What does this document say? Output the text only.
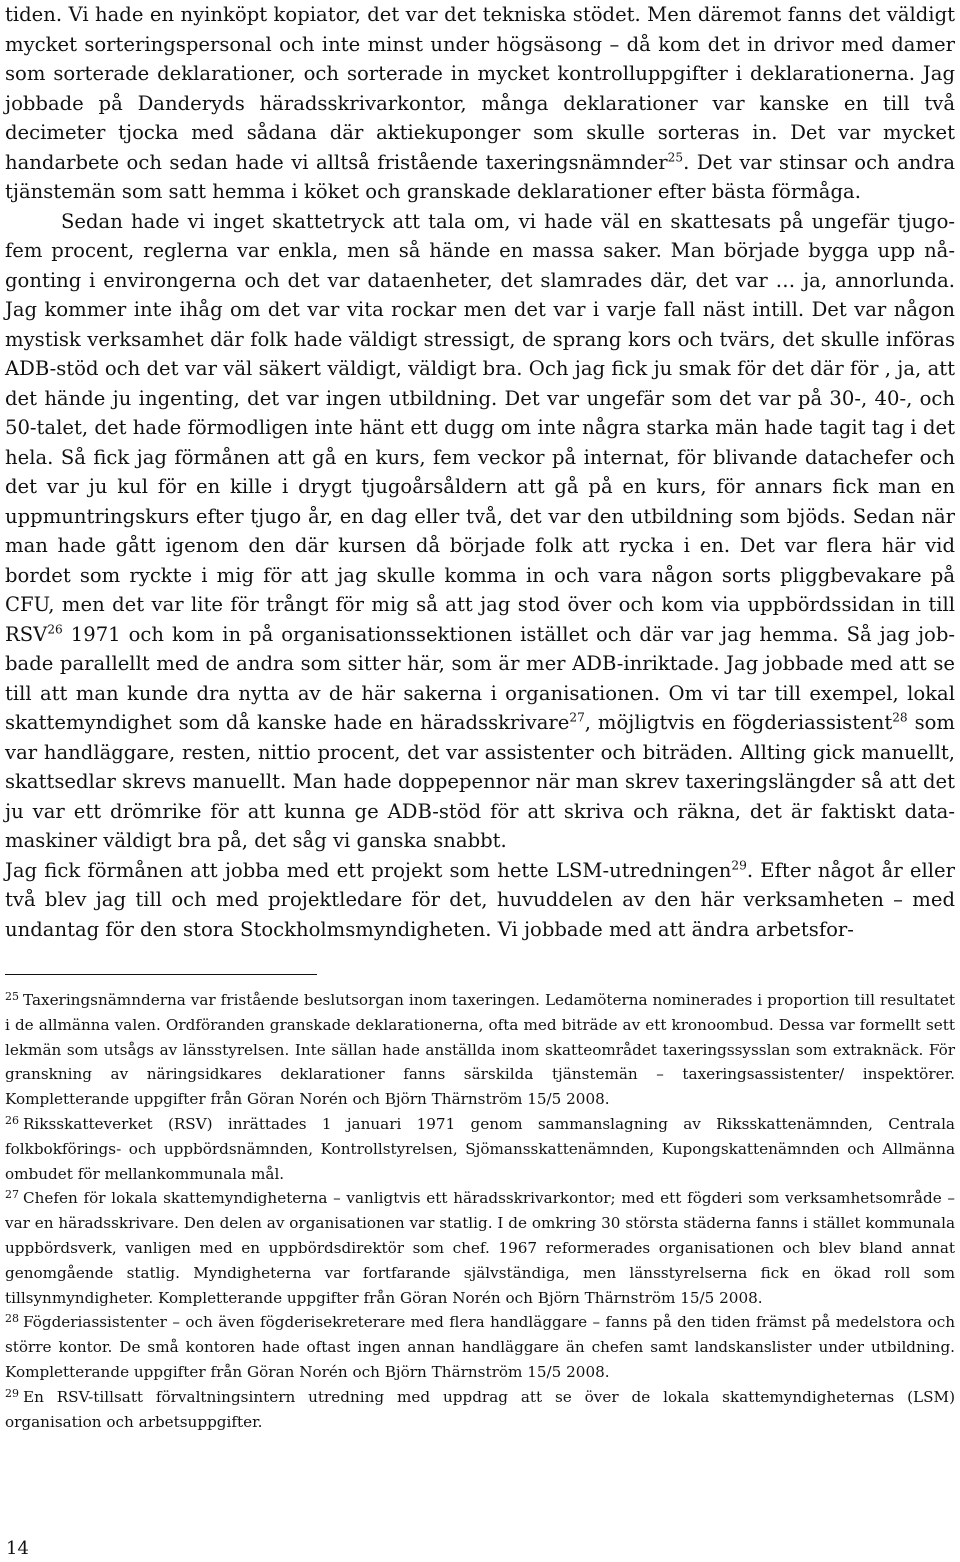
tiden. Vi hade en nyinköpt kopiator, det var det tekniska stödet. Men däremot fanns det väldigt mycket sorteringspersonal och inte minst under högsäsong – då kom det in drivor med damer som sorterade deklarationer, och sorterade in mycket kontrolluppgifter i deklarationerna. Jag jobbade på Danderyds häradsskrivarkontor, många deklarationer var kanske en till två decimeter tjocka med sådana där aktiekuponger som skulle sorteras in. Det var mycket handarbete och sedan hade vi alltså fristående taxeringsnämnder$^{25}$. Det var stinsar och andra tjänstemän som satt hemma i köket och granskade deklarationer efter bästa förmåga.

Sedan hade vi inget skattetryck att tala om, vi hade väl en skattesats på ungefär tjugofem procent, reglerna var enkla, men så hände en massa saker. Man började bygga upp någonting i environgerna och det var dataenheter, det slamrades där, det var … ja, annorlunda. Jag kommer inte ihåg om det var vita rockar men det var i varje fall näst intill. Det var någon mystisk verksamhet där folk hade väldigt stressigt, de sprang kors och tvärs, det skulle införas ADB-stöd och det var väl säkert väldigt, väldigt bra. Och jag fick ju smak för det där för , ja, att det hände ju ingenting, det var ingen utbildning. Det var ungefär som det var på 30-, 40-, och 50-talet, det hade förmodligen inte hänt ett dugg om inte några starka män hade tagit tag i det hela. Så fick jag förmånen att gå en kurs, fem veckor på internat, för blivande datachefer och det var ju kul för en kille i drygt tjugoårsåldern att gå på en kurs, för annars fick man en uppmuntringskurs efter tjugo år, en dag eller två, det var den utbildning som bjöds. Sedan när man hade gått igenom den där kursen då började folk att rycka i en. Det var flera här vid bordet som ryckte i mig för att jag skulle komma in och vara någon sorts pliggbevakare på CFU, men det var lite för trångt för mig så att jag stod över och kom via uppbördssidan in till RSV$^{26}$ 1971 och kom in på organisationssektionen istället och där var jag hemma. Så jag jobbade parallellt med de andra som sitter här, som är mer ADB-inriktade. Jag jobbade med att se till att man kunde dra nytta av de här sakerna i organisationen. Om vi tar till exempel, lokal skattemyndighet som då kanske hade en häradsskrivare$^{27}$, möjligtvis en fögderiassistent$^{28}$ som var handläggare, resten, nittio procent, det var assistenter och biträden. Allting gick manuellt, skattsedlar skrevs manuellt. Man hade doppepennor när man skrev taxeringslängder så att det ju var ett drömrike för att kunna ge ADB-stöd för att skriva och räkna, det är faktiskt datamaskiner väldigt bra på, det såg vi ganska snabbt.

Jag fick förmånen att jobba med ett projekt som hette LSM-utredningen$^{29}$. Efter något år eller två blev jag till och med projektledare för det, huvuddelen av den här verksamheten – med undantag för den stora Stockholmsmyndigheten. Vi jobbade med att ändra arbetsfor-

$^{25}$ Taxeringsnämnderna var fristående beslutsorgan inom taxeringen. Ledamöterna nominerades i proportion till resultatet i de allmänna valen. Ordföranden granskade deklarationerna, ofta med biträde av ett kronoombud. Dessa var formellt sett lekmän som utsågs av länsstyrelsen. Inte sällan hade anställda inom skatteområdet taxeringssysslan som extraknäck. För granskning av näringsidkares deklarationer fanns särskilda tjänstemän – taxeringsassistenter/ inspektörer. Kompletterande uppgifter från Göran Norén och Björn Thärnström 15/5 2008.

$^{26}$ Riksskatteverket (RSV) inrättades 1 januari 1971 genom sammanslagning av Riksskattenämnden, Centrala folkbokförings- och uppbördsnämnden, Kontrollstyrelsen, Sjömansskattenämnden, Kupongskattenämnden och Allmänna ombudet för mellankommunala mål.

$^{27}$ Chefen för lokala skattemyndigheterna – vanligtvis ett häradsskrivarkontor; med ett fögderi som verksamhetsområde – var en häradsskrivare. Den delen av organisationen var statlig. I de omkring 30 största städerna fanns i stället kommunala uppbördsverk, vanligen med en uppbördsdirektör som chef. 1967 reformerades organisationen och blev bland annat genomgående statlig. Myndigheterna var fortfarande självständiga, men länsstyrelserna fick en ökad roll som tillsynmyndigheter. Kompletterande uppgifter från Göran Norén och Björn Thärnström 15/5 2008.

$^{28}$ Fögderiassistenter – och även fögderisekreterare med flera handläggare – fanns på den tiden främst på medelstora och större kontor. De små kontoren hade oftast ingen annan handläggare än chefen samt landskanslister under utbildning. Kompletterande uppgifter från Göran Norén och Björn Thärnström 15/5 2008.

$^{29}$ En RSV-tillsatt förvaltningsintern utredning med uppdrag att se över de lokala skattemyndigheternas (LSM) organisation och arbetsuppgifter.

14
